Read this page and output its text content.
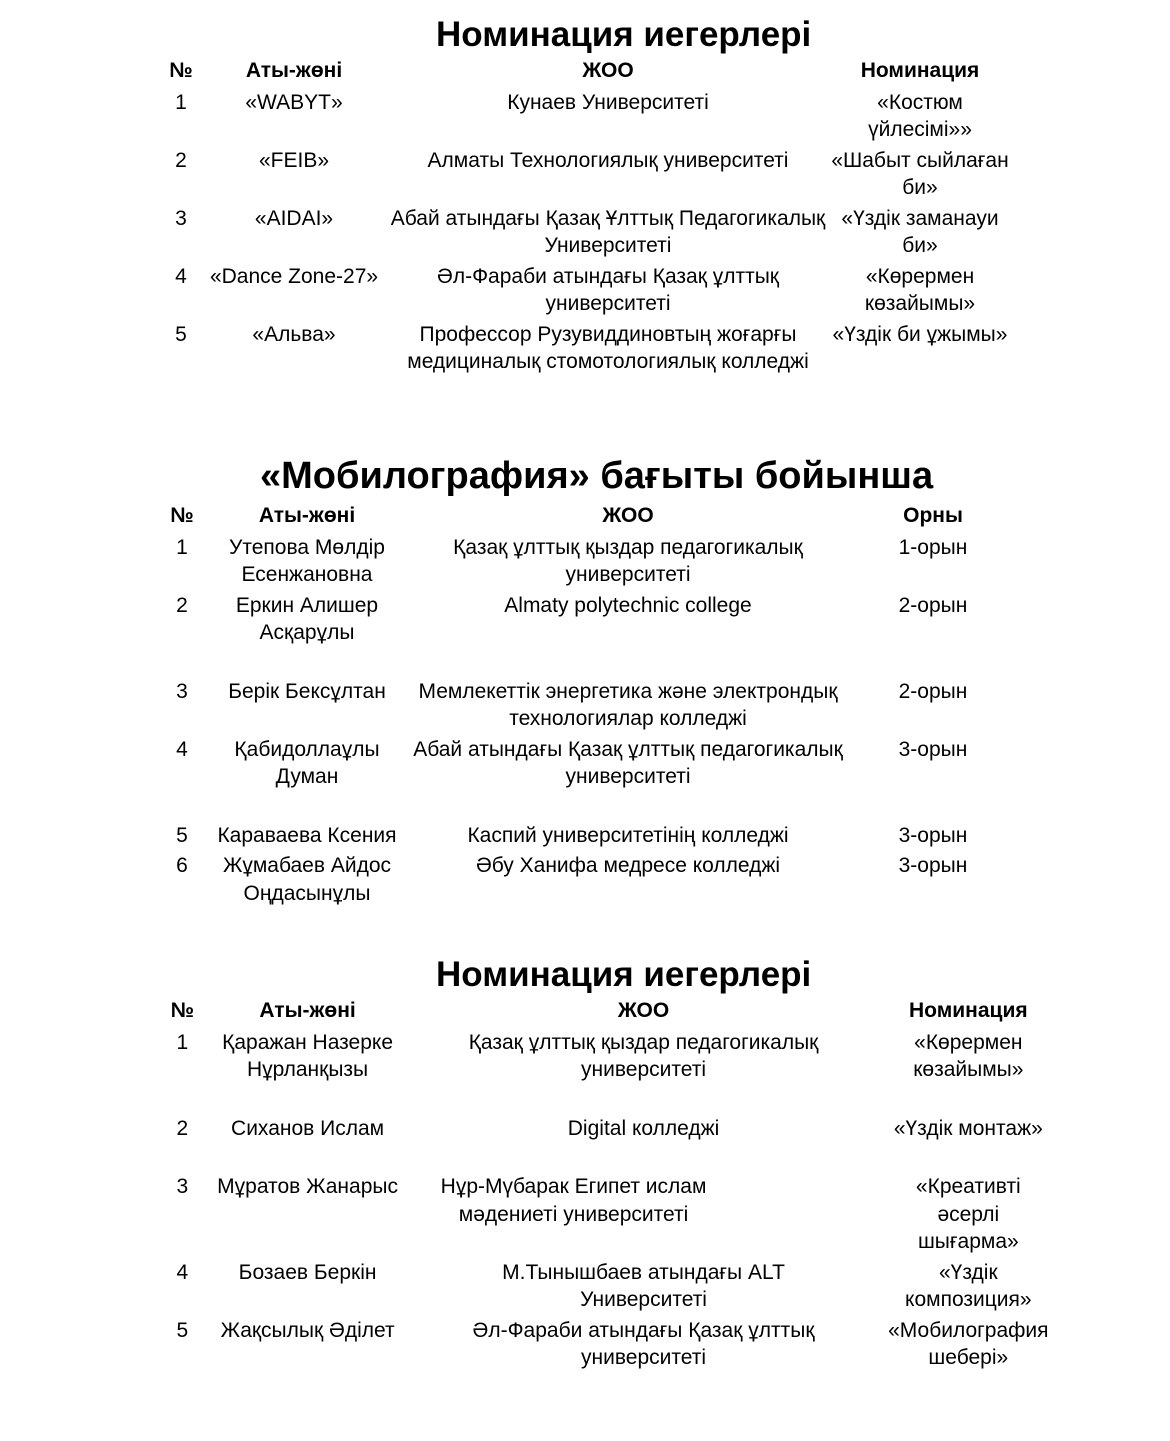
Номинация иегерлері
№	Аты-жөні	ЖОО	Номинация
1	«WABYT»	Кунаев Университеті	«Костюм үйлесімі»»
2	«FEIB»	Алматы Технологиялық университеті	«Шабыт сыйлаған би»
3	«AIDAI»	Абай атындағы Қазақ Ұлттық Педагогикалық Университеті	«Үздік заманауи би»
4	«Dance Zone-27»	Әл-Фараби атындағы Қазақ ұлттық университеті	«Көрермен көзайымы»
5	«Альва»	Профессор Рузувиддиновтың жоғарғы медициналық стомотологиялық колледжі	«Үздік би ұжымы»
«Мобилография» бағыты бойынша
№	Аты-жөні	ЖОО	Орны
1	Утепова Мөлдір Есенжановна	Қазақ ұлттық қыздар педагогикалық университеті	1-орын
2	Еркин Алишер Асқарұлы	Almaty polytechnic college	2-орын
3	Берік Бексұлтан	Мемлекеттік энергетика және электрондық технологиялар колледжі	2-орын
4	Қабидоллаұлы Думан	Абай атындағы Қазақ ұлттық педагогикалық университеті	3-орын
5	Караваева Ксения	Каспий университетінің колледжі	3-орын
6	Жұмабаев Айдос Оңдасынұлы	Әбу Ханифа медресе колледжі	3-орын
Номинация иегерлері
№	Аты-жөні	ЖОО	Номинация
1	Қаражан Назерке Нұрланқызы	Қазақ ұлттық қыздар педагогикалық университеті	«Көрермен көзайымы»
2	Сиханов Ислам	Digital колледжі	«Үздік монтаж»
3	Мұратов Жанарыс	Нұр-Мүбарак Египет ислам мәдениеті университеті	«Креативті әсерлі шығарма»
4	Бозаев Беркін	М.Тынышбаев атындағы ALT Университеті	«Үздік композиция»
5	Жақсылық Әділет	Әл-Фараби атындағы Қазақ ұлттық университеті	«Мобилография шебері»
